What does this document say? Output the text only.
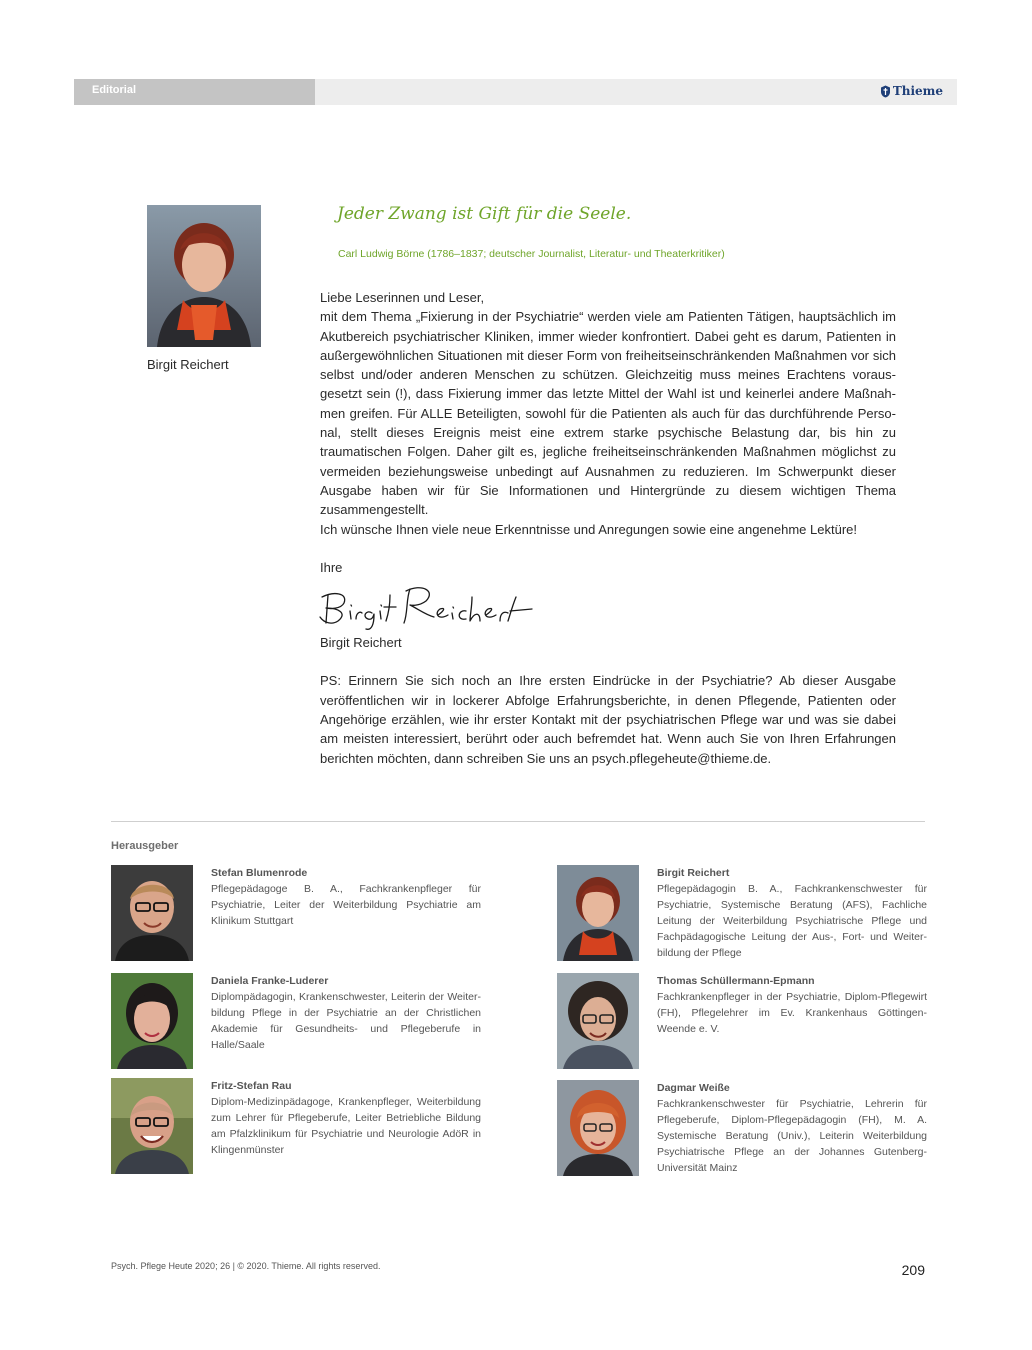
Editorial	Thieme
Birgit Reichert
Jeder Zwang ist Gift für die Seele.
Carl Ludwig Börne (1786–1837; deutscher Journalist, Literatur- und Theaterkritiker)

Liebe Leserinnen und Leser,

mit dem Thema „Fixierung in der Psychiatrie“ werden viele am Patienten Tätigen, hauptsächlich im Akutbereich psychiatrischer Kliniken, immer wieder konfrontiert. Dabei geht es darum, Patienten in außergewöhnlichen Situationen mit dieser Form von freiheitseinschränkenden Maßnahmen vor sich selbst und/oder anderen Menschen zu schützen. Gleichzeitig muss meines Erachtens vorausgesetzt sein (!), dass Fixierung immer das letzte Mittel der Wahl ist und keinerlei andere Maßnahmen greifen. Für ALLE Beteiligten, sowohl für die Patienten als auch für das durchführende Personal, stellt dieses Ereignis meist eine extrem starke psychische Belastung dar, bis hin zu traumatischen Folgen. Daher gilt es, jegliche freiheitseinschränkenden Maßnahmen möglichst zu vermeiden beziehungsweise unbedingt auf Ausnahmen zu reduzieren. Im Schwerpunkt dieser Ausgabe haben wir für Sie Informationen und Hintergründe zu diesem wichtigen Thema zusammengestellt.

Ich wünsche Ihnen viele neue Erkenntnisse und Anregungen sowie eine angenehme Lektüre!

Ihre

Birgit Reichert

PS: Erinnern Sie sich noch an Ihre ersten Eindrücke in der Psychiatrie? Ab dieser Ausgabe veröffentlichen wir in lockerer Abfolge Erfahrungsberichte, in denen Pflegende, Patienten oder Angehörige erzählen, wie ihr erster Kontakt mit der psychiatrischen Pflege war und was sie dabei am meisten interessiert, berührt oder auch befremdet hat. Wenn auch Sie von Ihren Erfahrungen berichten möchten, dann schreiben Sie uns an psych.pflegeheute@thieme.de.

Herausgeber
Stefan Blumenrode
Pflegepädagoge B. A., Fachkrankenpfleger für Psychiatrie, Leiter der Weiterbildung Psychiatrie am Klinikum Stuttgart
Daniela Franke-Luderer
Diplompädagogin, Krankenschwester, Leiterin der Weiterbildung Pflege in der Psychiatrie an der Christlichen Akademie für Gesundheits- und Pflegeberufe in Halle/Saale
Fritz-Stefan Rau
Diplom-Medizinpädagoge, Krankenpfleger, Weiterbildung zum Lehrer für Pflegeberufe, Leiter Betriebliche Bildung am Pfalzklinikum für Psychiatrie und Neurologie AdöR in Klingenmünster
Birgit Reichert
Pflegepädagogin B. A., Fachkrankenschwester für Psychiatrie, Systemische Beratung (AFS), Fachliche Leitung der Weiterbildung Psychiatrische Pflege und Fachpädagogische Leitung der Aus-, Fort- und Weiterbildung der Pflege
Thomas Schüllermann-Epmann
Fachkrankenpfleger in der Psychiatrie, Diplom-Pflegewirt (FH), Pflegelehrer im Ev. Krankenhaus Göttingen-Weende e. V.
Dagmar Weiße
Fachkrankenschwester für Psychiatrie, Lehrerin für Pflegeberufe, Diplom-Pflegepädagogin (FH), M. A. Systemische Beratung (Univ.), Leiterin Weiterbildung Psychiatrische Pflege an der Johannes Gutenberg-Universität Mainz
Psych. Pflege Heute 2020; 26 | © 2020. Thieme. All rights reserved.	209
